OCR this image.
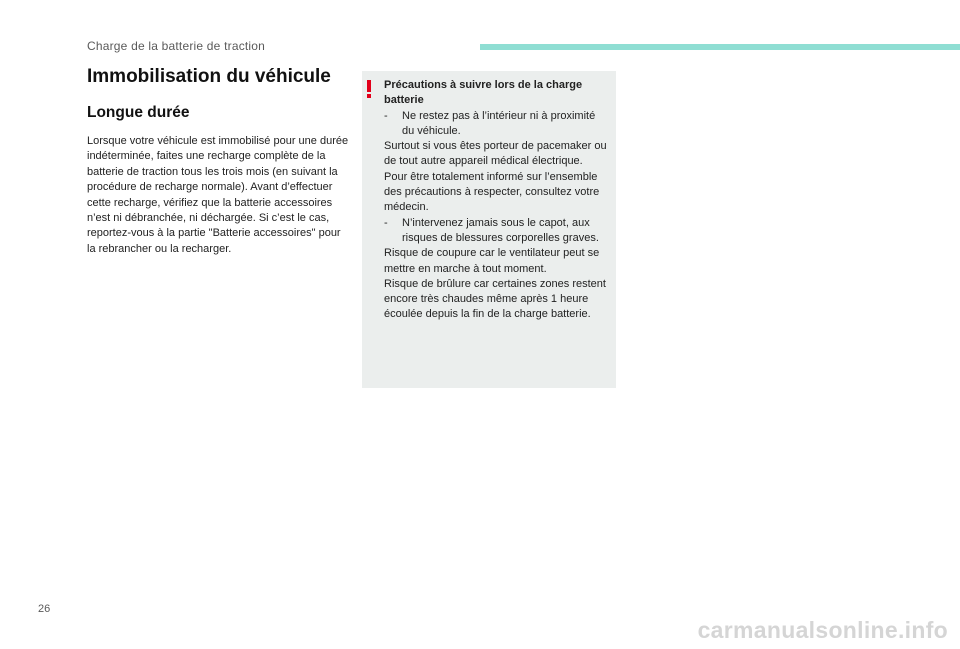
Charge de la batterie de traction
Immobilisation du véhicule
Longue durée

Lorsque votre véhicule est immobilisé pour une durée indéterminée, faites une recharge complète de la batterie de traction tous les trois mois (en suivant la procédure de recharge normale). Avant d’effectuer cette recharge, vérifiez que la batterie accessoires n’est ni débranchée, ni déchargée. Si c’est le cas, reportez-vous à la partie "Batterie accessoires" pour la rebrancher ou la recharger.

Précautions à suivre lors de la charge batterie

-	Ne restez pas à l’intérieur ni à proximité du véhicule.

Surtout si vous êtes porteur de pacemaker ou de tout autre appareil médical électrique. Pour être totalement informé sur l’ensemble des précautions à respecter, consultez votre médecin.

-	N’intervenez jamais sous le capot, aux risques de blessures corporelles graves.

Risque de coupure car le ventilateur peut se mettre en marche à tout moment.

Risque de brûlure car certaines zones restent encore très chaudes même après 1 heure écoulée depuis la fin de la charge batterie.

26
carmanualsonline.info
